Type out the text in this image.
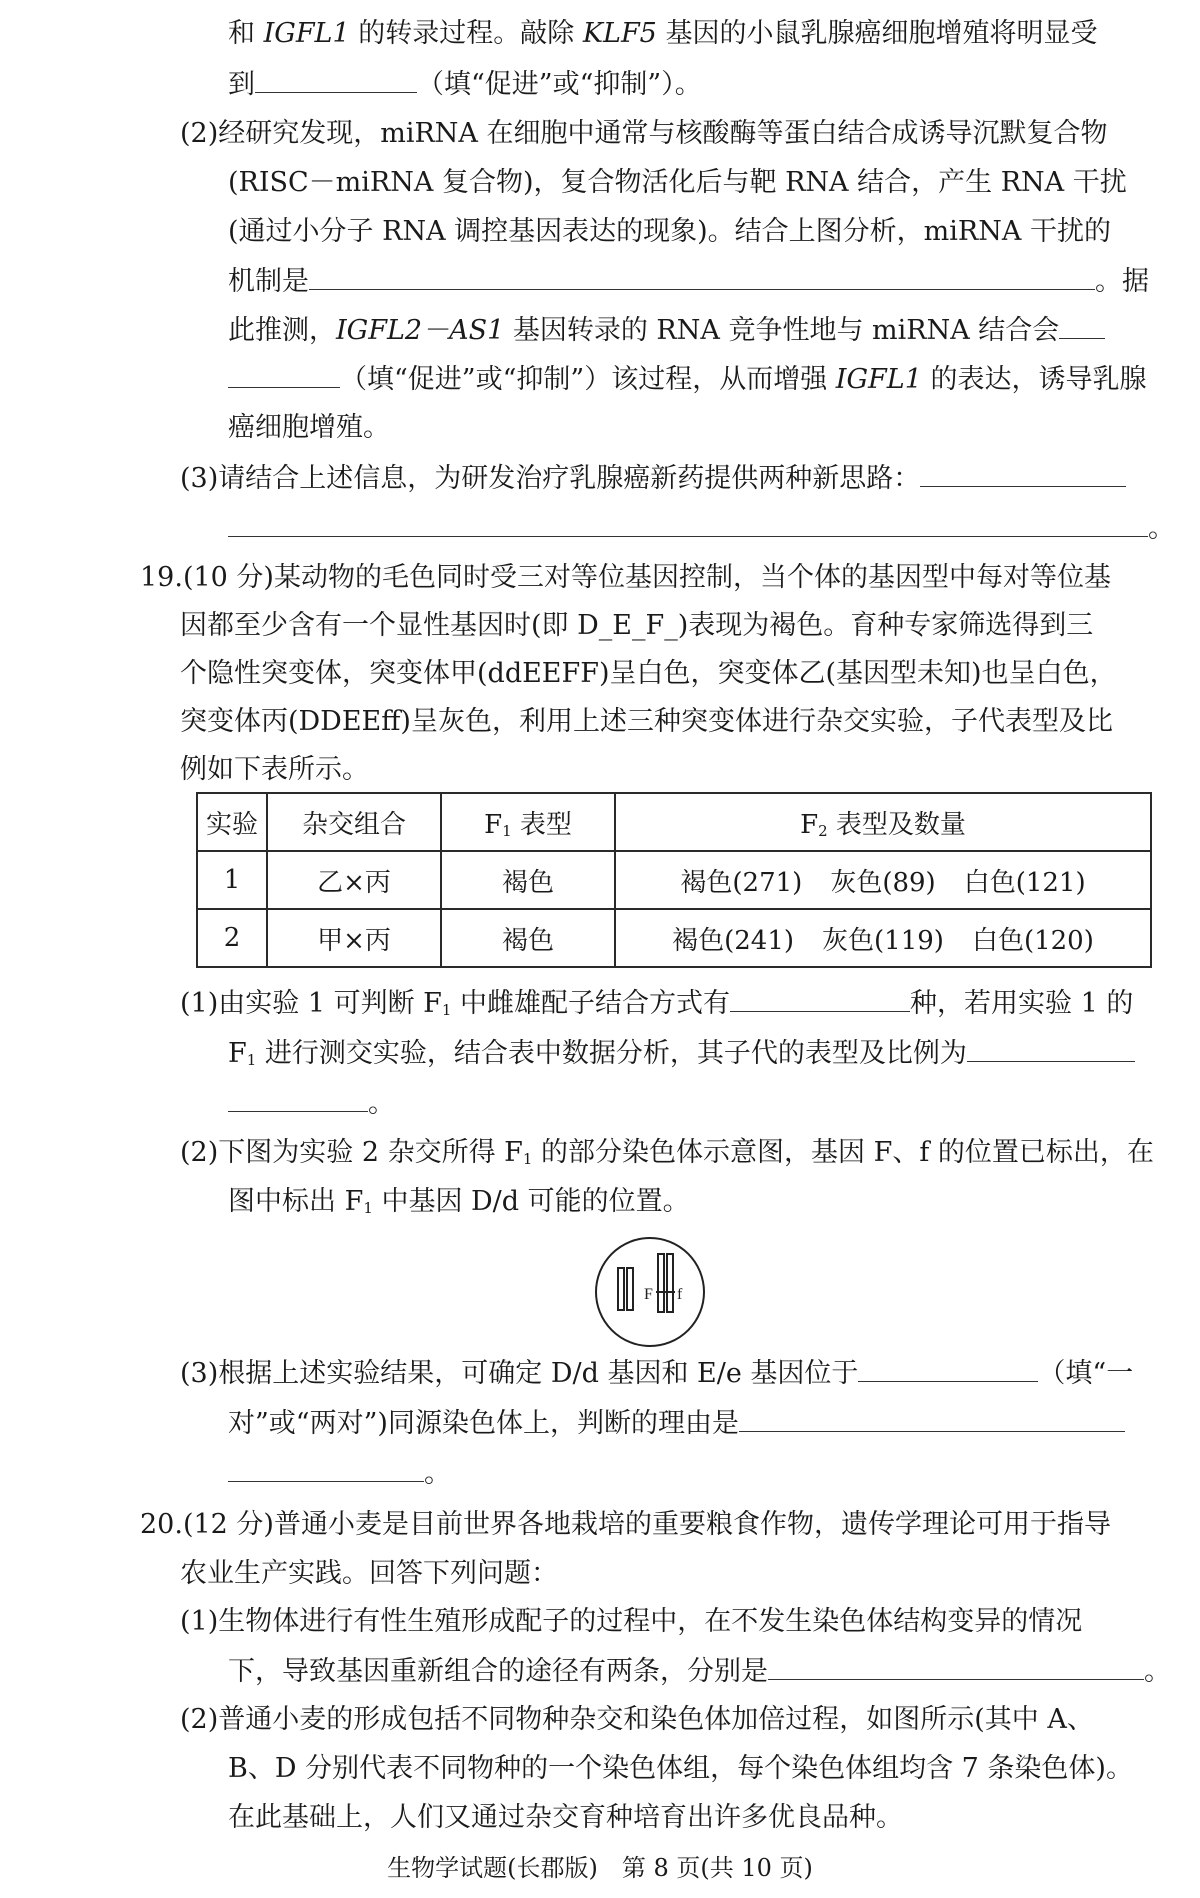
和 IGFL1 的转录过程。敲除 KLF5 基因的小鼠乳腺癌细胞增殖将明显受
到	（填“促进”或“抑制”）。
(2)经研究发现，miRNA 在细胞中通常与核酸酶等蛋白结合成诱导沉默复合物
(RISC－miRNA 复合物)，复合物活化后与靶 RNA 结合，产生 RNA 干扰
(通过小分子 RNA 调控基因表达的现象)。结合上图分析，miRNA 干扰的
机制是	。据
此推测，IGFL2－AS1 基因转录的 RNA 竞争性地与 miRNA 结合会
（填“促进”或“抑制”）该过程，从而增强 IGFL1 的表达，诱导乳腺
癌细胞增殖。
(3)请结合上述信息，为研发治疗乳腺癌新药提供两种新思路：
。
19.(10 分)某动物的毛色同时受三对等位基因控制，当个体的基因型中每对等位基
因都至少含有一个显性基因时(即 D_E_F_)表现为褐色。育种专家筛选得到三
个隐性突变体，突变体甲(ddEEFF)呈白色，突变体乙(基因型未知)也呈白色，
突变体丙(DDEEff)呈灰色，利用上述三种突变体进行杂交实验，子代表型及比
例如下表所示。
实验	杂交组合	$F_1$ 表型	$F_2$ 表型及数量
1	乙×丙	褐色	褐色(271) 灰色(89) 白色(121)
2	甲×丙	褐色	褐色(241) 灰色(119) 白色(120)
(1)由实验 1 可判断 $F_1$ 中雌雄配子结合方式有	种，若用实验 1 的
$F_1$ 进行测交实验，结合表中数据分析，其子代的表型及比例为
。
(2)下图为实验 2 杂交所得 $F_1$ 的部分染色体示意图，基因 F、f 的位置已标出，在
图中标出 $F_1$ 中基因 D/d 可能的位置。
F f
(3)根据上述实验结果，可确定 D/d 基因和 E/e 基因位于	（填“一
对”或“两对”)同源染色体上，判断的理由是
。
20.(12 分)普通小麦是目前世界各地栽培的重要粮食作物，遗传学理论可用于指导
农业生产实践。回答下列问题：
(1)生物体进行有性生殖形成配子的过程中，在不发生染色体结构变异的情况
下，导致基因重新组合的途径有两条，分别是	。
(2)普通小麦的形成包括不同物种杂交和染色体加倍过程，如图所示(其中 A、
B、D 分别代表不同物种的一个染色体组，每个染色体组均含 7 条染色体)。
在此基础上，人们又通过杂交育种培育出许多优良品种。
生物学试题(长郡版)　第 8 页(共 10 页)
